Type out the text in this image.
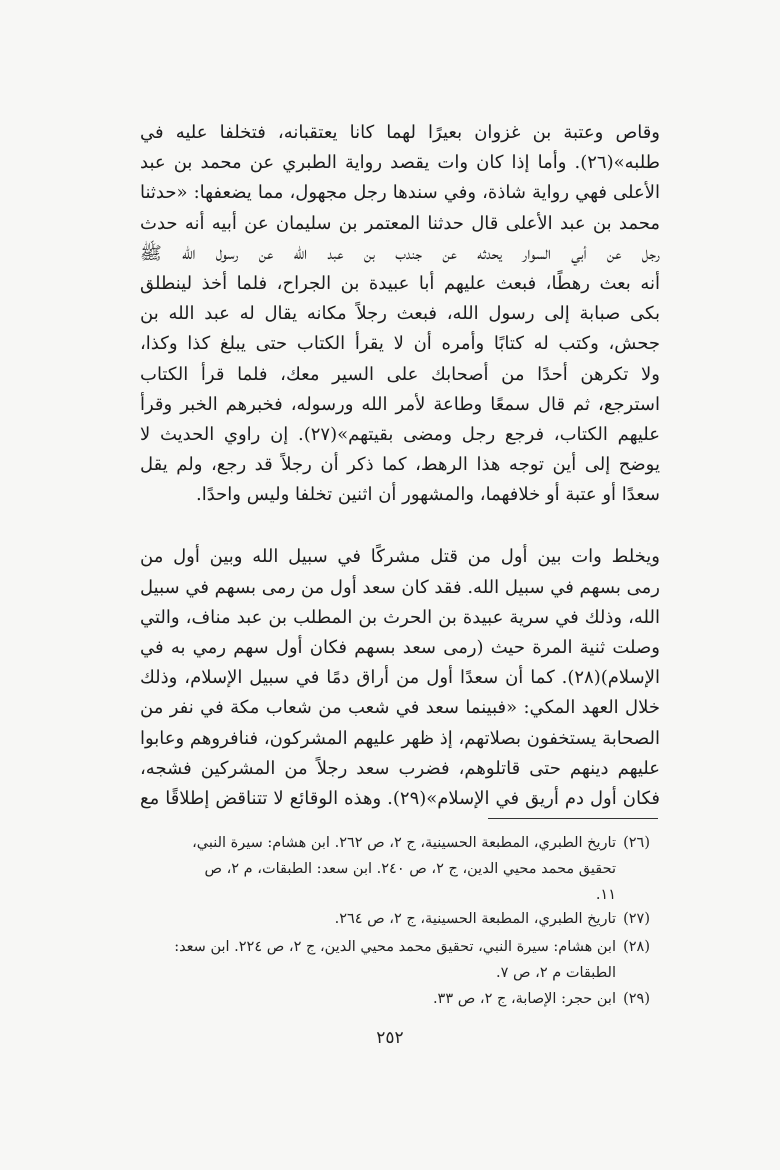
وقاص وعتبة بن غزوان بعيرًا لهما كانا يعتقبانه، فتخلفا عليه في
طلبه»(٢٦). وأما إذا كان وات يقصد رواية الطبري عن محمد بن عبد
الأعلى فهي رواية شاذة، وفي سندها رجل مجهول، مما يضعفها: «حدثنا
محمد بن عبد الأعلى قال حدثنا المعتمر بن سليمان عن أبيه أنه حدث
رجل عن أبي السوار يحدثه عن جندب بن عبد الله عن رسول الله ﷺ
أنه بعث رهطًا، فبعث عليهم أبا عبيدة بن الجراح، فلما أخذ لينطلق
بكى صبابة إلى رسول الله، فبعث رجلاً مكانه يقال له عبد الله بن
جحش، وكتب له كتابًا وأمره أن لا يقرأ الكتاب حتى يبلغ كذا وكذا،
ولا تكرهن أحدًا من أصحابك على السير معك، فلما قرأ الكتاب
استرجع، ثم قال سمعًا وطاعة لأمر الله ورسوله، فخبرهم الخبر وقرأ
عليهم الكتاب، فرجع رجل ومضى بقيتهم»(٢٧). إن راوي الحديث لا
يوضح إلى أين توجه هذا الرهط، كما ذكر أن رجلاً قد رجع، ولم يقل
سعدًا أو عتبة أو خلافهما، والمشهور أن اثنين تخلفا وليس واحدًا.
ويخلط وات بين أول من قتل مشركًا في سبيل الله وبين أول من
رمى بسهم في سبيل الله. فقد كان سعد أول من رمى بسهم في سبيل
الله، وذلك في سرية عبيدة بن الحرث بن المطلب بن عبد مناف، والتي
وصلت ثنية المرة حيث (رمى سعد بسهم فكان أول سهم رمي به في
الإسلام)(٢٨). كما أن سعدًا أول من أراق دمًا في سبيل الإسلام، وذلك
خلال العهد المكي: «فبينما سعد في شعب من شعاب مكة في نفر من
الصحابة يستخفون بصلاتهم، إذ ظهر عليهم المشركون، فنافروهم وعابوا
عليهم دينهم حتى قاتلوهم، فضرب سعد رجلاً من المشركين فشجه،
فكان أول دم أريق في الإسلام»(٢٩). وهذه الوقائع لا تتناقض إطلاقًا مع
(٢٦)تاريخ الطبري، المطبعة الحسينية، ج ٢، ص ٢٦٢. ابن هشام: سيرة النبي،
تحقيق محمد محيي الدين، ج ٢، ص ٢٤٠. ابن سعد: الطبقات، م ٢، ص
١١.
(٢٧)تاريخ الطبري، المطبعة الحسينية، ج ٢، ص ٢٦٤.
(٢٨)ابن هشام: سيرة النبي، تحقيق محمد محيي الدين، ج ٢، ص ٢٢٤. ابن سعد:
الطبقات م ٢، ص ٧.
(٢٩)ابن حجر: الإصابة، ج ٢، ص ٣٣.
٢٥٢
